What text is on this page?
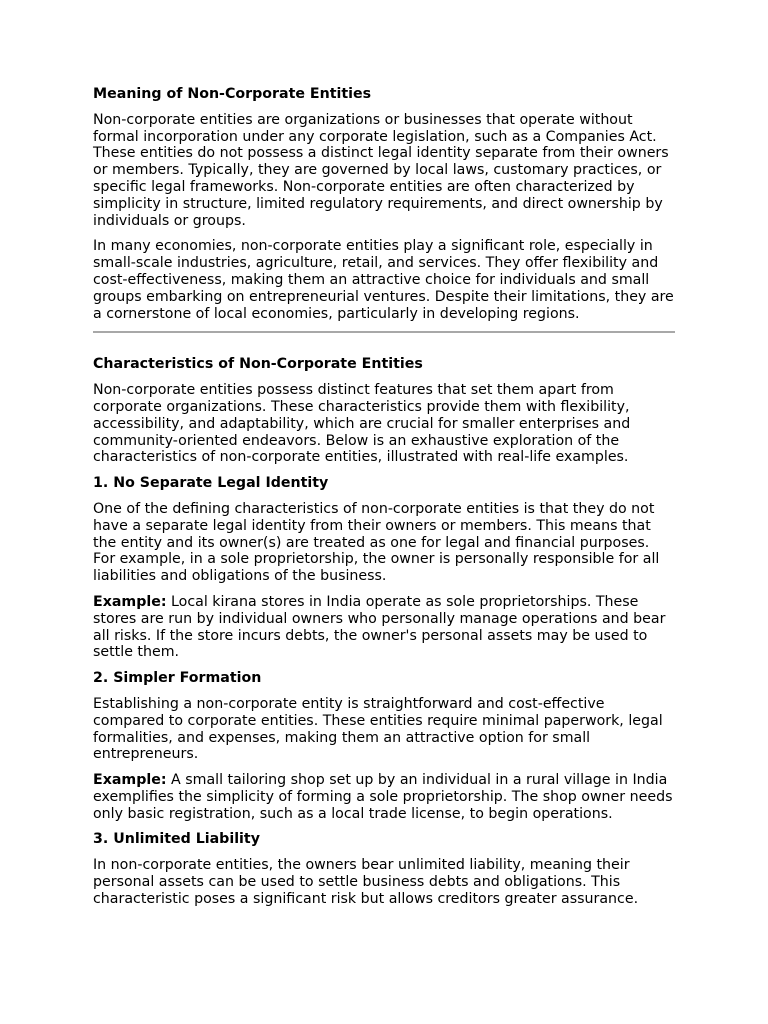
Meaning of Non-Corporate Entities

Non-corporate entities are organizations or businesses that operate without formal incorporation under any corporate legislation, such as a Companies Act. These entities do not possess a distinct legal identity separate from their owners or members. Typically, they are governed by local laws, customary practices, or specific legal frameworks. Non-corporate entities are often characterized by simplicity in structure, limited regulatory requirements, and direct ownership by individuals or groups.

In many economies, non-corporate entities play a significant role, especially in small-scale industries, agriculture, retail, and services. They offer flexibility and cost-effectiveness, making them an attractive choice for individuals and small groups embarking on entrepreneurial ventures. Despite their limitations, they are a cornerstone of local economies, particularly in developing regions.

Characteristics of Non-Corporate Entities

Non-corporate entities possess distinct features that set them apart from corporate organizations. These characteristics provide them with flexibility, accessibility, and adaptability, which are crucial for smaller enterprises and community-oriented endeavors. Below is an exhaustive exploration of the characteristics of non-corporate entities, illustrated with real-life examples.

1. No Separate Legal Identity

One of the defining characteristics of non-corporate entities is that they do not have a separate legal identity from their owners or members. This means that the entity and its owner(s) are treated as one for legal and financial purposes. For example, in a sole proprietorship, the owner is personally responsible for all liabilities and obligations of the business.

Example: Local kirana stores in India operate as sole proprietorships. These stores are run by individual owners who personally manage operations and bear all risks. If the store incurs debts, the owner's personal assets may be used to settle them.

2. Simpler Formation

Establishing a non-corporate entity is straightforward and cost-effective compared to corporate entities. These entities require minimal paperwork, legal formalities, and expenses, making them an attractive option for small entrepreneurs.

Example: A small tailoring shop set up by an individual in a rural village in India exemplifies the simplicity of forming a sole proprietorship. The shop owner needs only basic registration, such as a local trade license, to begin operations.

3. Unlimited Liability

In non-corporate entities, the owners bear unlimited liability, meaning their personal assets can be used to settle business debts and obligations. This characteristic poses a significant risk but allows creditors greater assurance.
